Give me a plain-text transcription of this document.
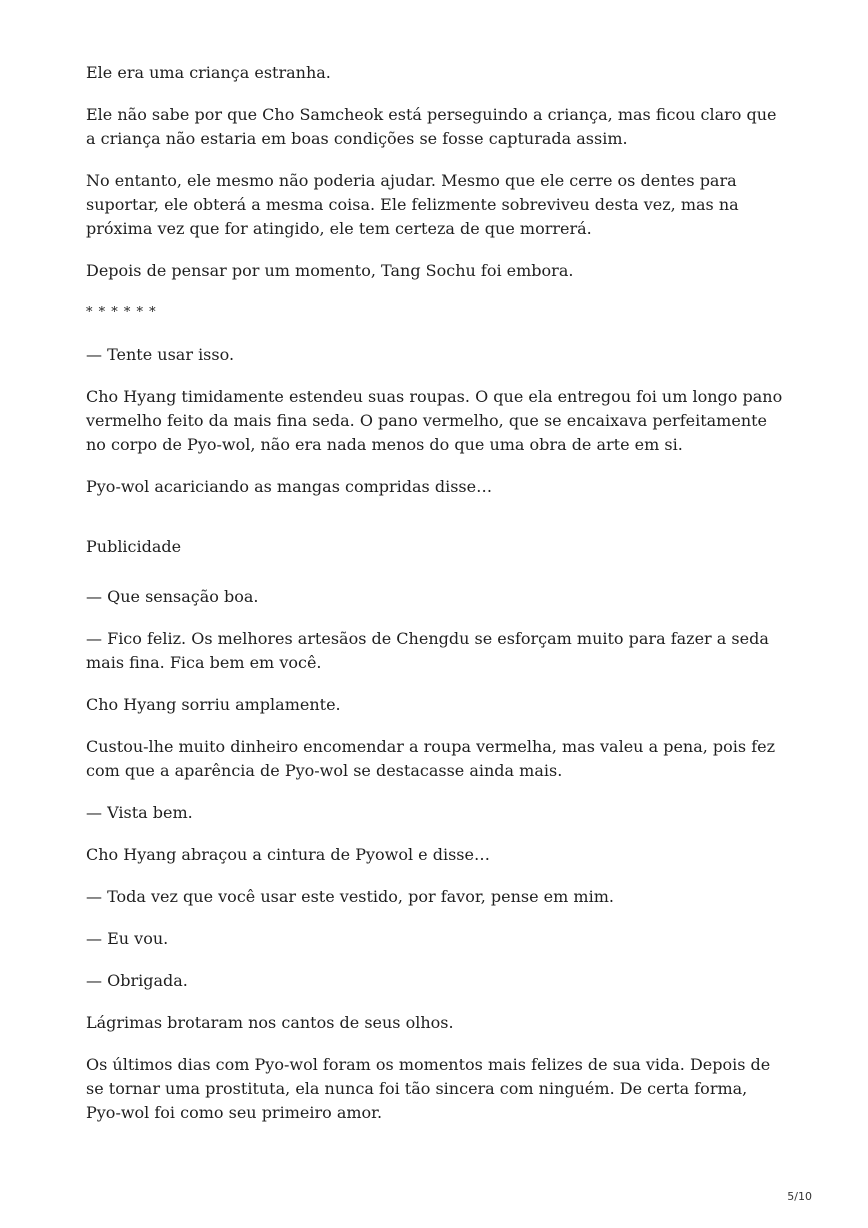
Ele era uma criança estranha.

Ele não sabe por que Cho Samcheok está perseguindo a criança, mas ficou claro que a criança não estaria em boas condições se fosse capturada assim.

No entanto, ele mesmo não poderia ajudar. Mesmo que ele cerre os dentes para suportar, ele obterá a mesma coisa. Ele felizmente sobreviveu desta vez, mas na próxima vez que for atingido, ele tem certeza de que morrerá.

Depois de pensar por um momento, Tang Sochu foi embora.

* * * * * *

— Tente usar isso.

Cho Hyang timidamente estendeu suas roupas. O que ela entregou foi um longo pano vermelho feito da mais fina seda. O pano vermelho, que se encaixava perfeitamente no corpo de Pyo-wol, não era nada menos do que uma obra de arte em si.

Pyo-wol acariciando as mangas compridas disse…

Publicidade

— Que sensação boa.

— Fico feliz. Os melhores artesãos de Chengdu se esforçam muito para fazer a seda mais fina. Fica bem em você.

Cho Hyang sorriu amplamente.

Custou-lhe muito dinheiro encomendar a roupa vermelha, mas valeu a pena, pois fez com que a aparência de Pyo-wol se destacasse ainda mais.

— Vista bem.

Cho Hyang abraçou a cintura de Pyowol e disse…

— Toda vez que você usar este vestido, por favor, pense em mim.

— Eu vou.

— Obrigada.

Lágrimas brotaram nos cantos de seus olhos.

Os últimos dias com Pyo-wol foram os momentos mais felizes de sua vida. Depois de se tornar uma prostituta, ela nunca foi tão sincera com ninguém. De certa forma, Pyo-wol foi como seu primeiro amor.

5/10
